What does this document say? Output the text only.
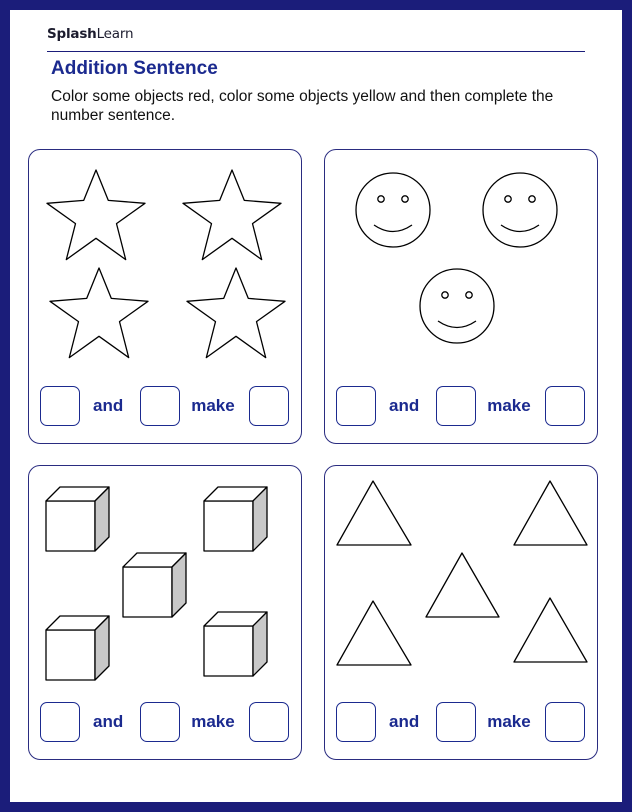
SplashLearn
Addition Sentence
Color some objects red, color some objects yellow and then complete the number sentence.
and	make	and	make
and	make	and	make
